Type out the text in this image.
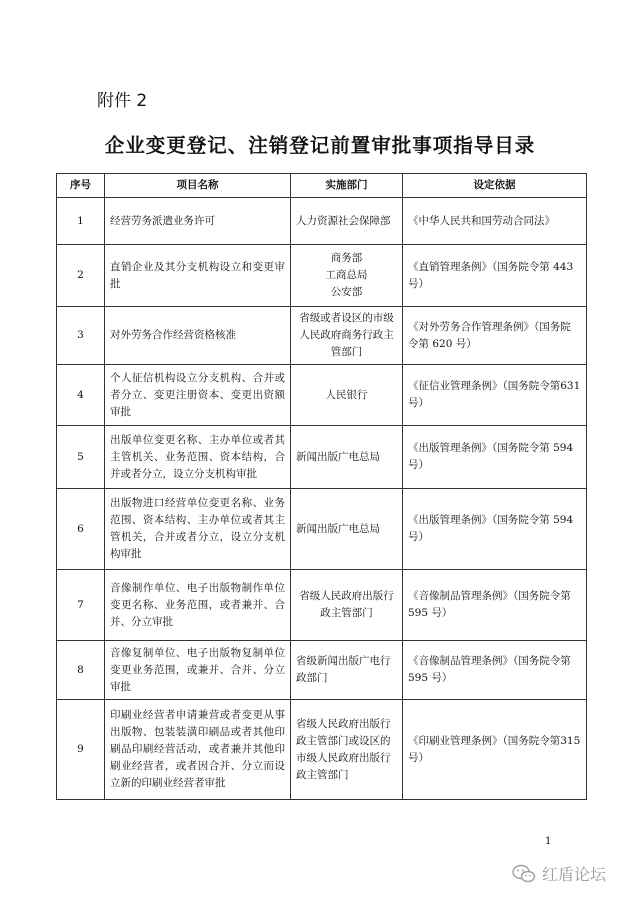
附件 2
企业变更登记、注销登记前置审批事项指导目录
序号	项目名称	实施部门	设定依据
1	经营劳务派遣业务许可	人力资源社会保障部	《中华人民共和国劳动合同法》
2	直销企业及其分支机构设立和变更审批	商务部
工商总局
公安部	《直销管理条例》（国务院令第 443 号）
3	对外劳务合作经营资格核准	省级或者设区的市级人民政府商务行政主管部门	《对外劳务合作管理条例》（国务院令第 620 号）
4	个人征信机构设立分支机构、合并或者分立、变更注册资本、变更出资额审批	人民银行	《征信业管理条例》（国务院令第631号）
5	出版单位变更名称、主办单位或者其主管机关、业务范围、资本结构，合并或者分立，设立分支机构审批	新闻出版广电总局	《出版管理条例》（国务院令第 594 号）
6	出版物进口经营单位变更名称、业务范围、资本结构、主办单位或者其主管机关，合并或者分立，设立分支机构审批	新闻出版广电总局	《出版管理条例》（国务院令第 594 号）
7	音像制作单位、电子出版物制作单位变更名称、业务范围，或者兼并、合并、分立审批	省级人民政府出版行政主管部门	《音像制品管理条例》（国务院令第 595 号）
8	音像复制单位、电子出版物复制单位变更业务范围，或兼并、合并、分立审批	省级新闻出版广电行政部门	《音像制品管理条例》（国务院令第 595 号）
9	印刷业经营者申请兼营或者变更从事出版物、包装装潢印刷品或者其他印刷品印刷经营活动，或者兼并其他印刷业经营者，或者因合并、分立而设立新的印刷业经营者审批	省级人民政府出版行政主管部门或设区的市级人民政府出版行政主管部门	《印刷业管理条例》（国务院令第315号）
1
红盾论坛
